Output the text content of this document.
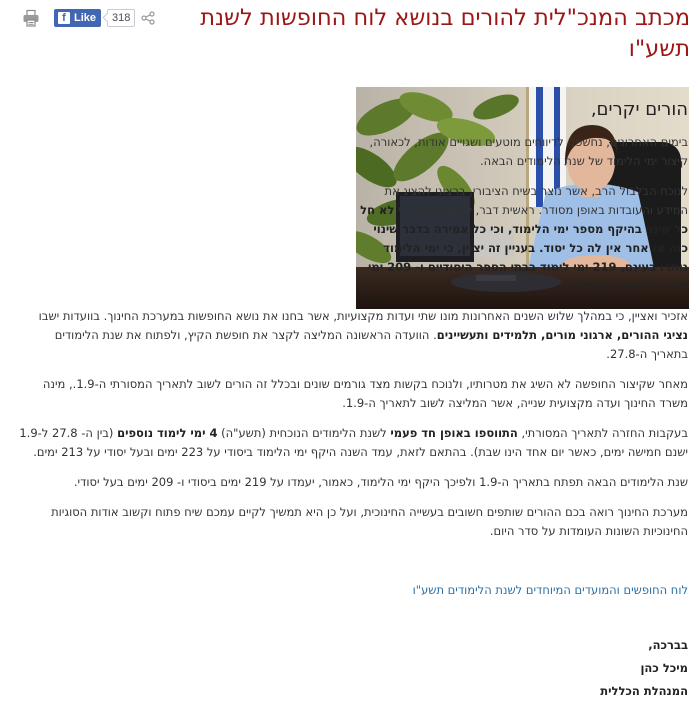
f Like	318	מכתב המנכ"לית להורים בנושא לוח החופשות לשנת תשע"ו
הורים יקרים,

בימים האחרונים, נחשפנו לדיווחים מוטעים ושגויים אודות, לכאורה, קיצור ימי הלימוד של שנת הלימודים הבאה.

לנוכח הבלבול הרב, אשר נוצר בשיח הציבורי, ברצוני להציג את המידע והעובדות באופן מסודר. ראשית דבר, יודגש ויובהר, כי לא חל כל שינוי בהיקף מספר ימי הלימוד, וכי כל אמירה בדבר שינוי כזה או אחר אין לה כל יסוד. בעניין זה יצוין, כי ימי הלימוד נותרו בעינם, 219 ימי לימוד בבתי הספר היסודיים ו- 209 ימי לימוד בחטיבה העליונה.

אזכיר ואציין, כי במהלך שלוש השנים האחרונות מונו שתי ועדות מקצועיות, אשר בחנו את נושא החופשות במערכת החינוך. בוועדות ישבו נציגי ההורים, ארגוני מורים, תלמידים ותעשיינים. הוועדה הראשונה המליצה לקצר את חופשת הקיץ, ולפתוח את שנת הלימודים בתאריך ה-27.8.

מאחר שקיצור החופשה לא השיג את מטרותיו, ולנוכח בקשות מצד גורמים שונים ובכלל זה הורים לשוב לתאריך המסורתי ה-1.9., מינה משרד החינוך ועדה מקצועית שנייה, אשר המליצה לשוב לתאריך ה-1.9.

בעקבות החזרה לתאריך המסורתי, התווספו באופן חד פעמי לשנת הלימודים הנוכחית (תשע"ה) 4 ימי לימוד נוספים (בין ה- 27.8 ל-1.9 ישנם חמישה ימים, כאשר יום אחד הינו שבת). בהתאם לזאת, עמד השנה היקף ימי הלימוד ביסודי על 223 ימים ובעל יסודי על 213 ימים.

שנת הלימודים הבאה תפתח בתאריך ה-1.9 ולפיכך היקף ימי הלימוד, כאמור, יעמדו על 219 ימים ביסודי ו- 209 ימים בעל יסודי.

מערכת החינוך רואה בכם ההורים שותפים חשובים בעשייה החינוכית, ועל כן היא תמשיך לקיים עמכם שיח פתוח וקשוב אודות הסוגיות החינוכיות השונות העומדות על סדר היום.

לוח החופשים והמועדים המיוחדים לשנת הלימודים תשע"ו

בברכה,
מיכל כהן
המנהלת הכללית
